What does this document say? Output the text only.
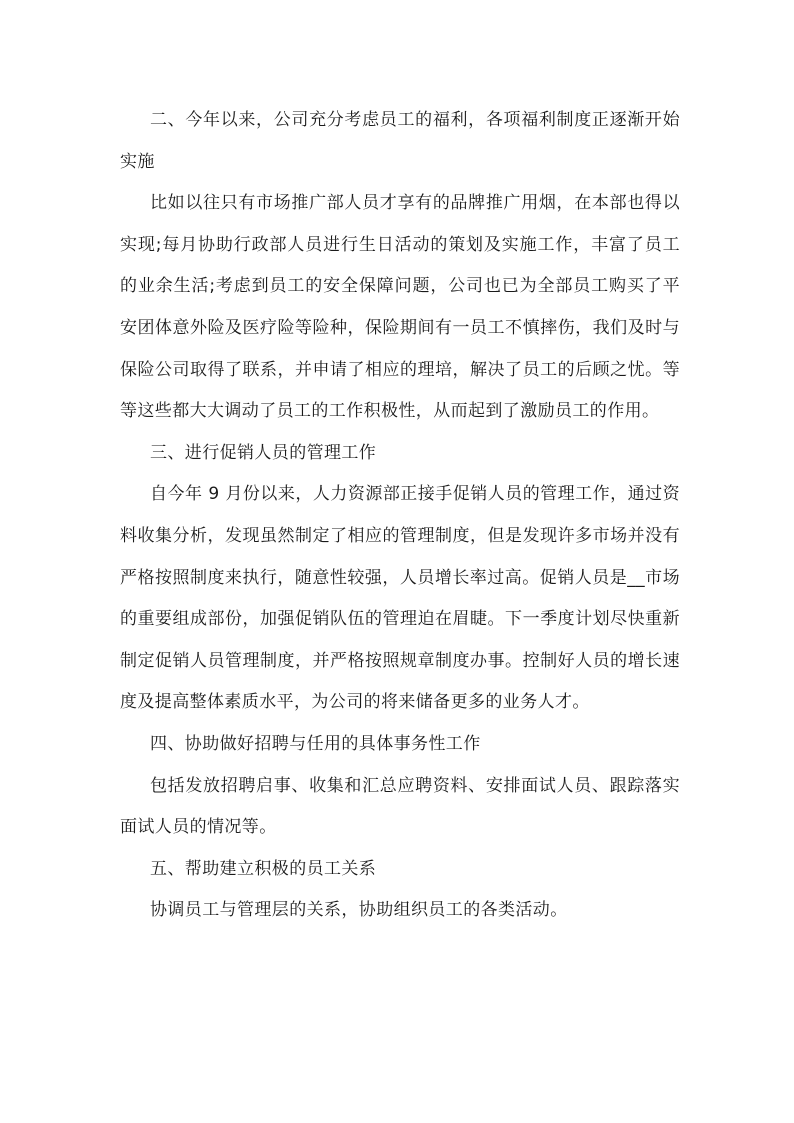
二、今年以来，公司充分考虑员工的福利，各项福利制度正逐渐开始实施

比如以往只有市场推广部人员才享有的品牌推广用烟，在本部也得以实现;每月协助行政部人员进行生日活动的策划及实施工作，丰富了员工的业余生活;考虑到员工的安全保障问题，公司也已为全部员工购买了平安团体意外险及医疗险等险种，保险期间有一员工不慎摔伤，我们及时与保险公司取得了联系，并申请了相应的理培，解决了员工的后顾之忧。等等这些都大大调动了员工的工作积极性，从而起到了激励员工的作用。

三、进行促销人员的管理工作

自今年 9 月份以来，人力资源部正接手促销人员的管理工作，通过资料收集分析，发现虽然制定了相应的管理制度，但是发现许多市场并没有严格按照制度来执行，随意性较强，人员增长率过高。促销人员是__市场的重要组成部份，加强促销队伍的管理迫在眉睫。下一季度计划尽快重新制定促销人员管理制度，并严格按照规章制度办事。控制好人员的增长速度及提高整体素质水平，为公司的将来储备更多的业务人才。

四、协助做好招聘与任用的具体事务性工作

包括发放招聘启事、收集和汇总应聘资料、安排面试人员、跟踪落实面试人员的情况等。

五、帮助建立积极的员工关系

协调员工与管理层的关系，协助组织员工的各类活动。
